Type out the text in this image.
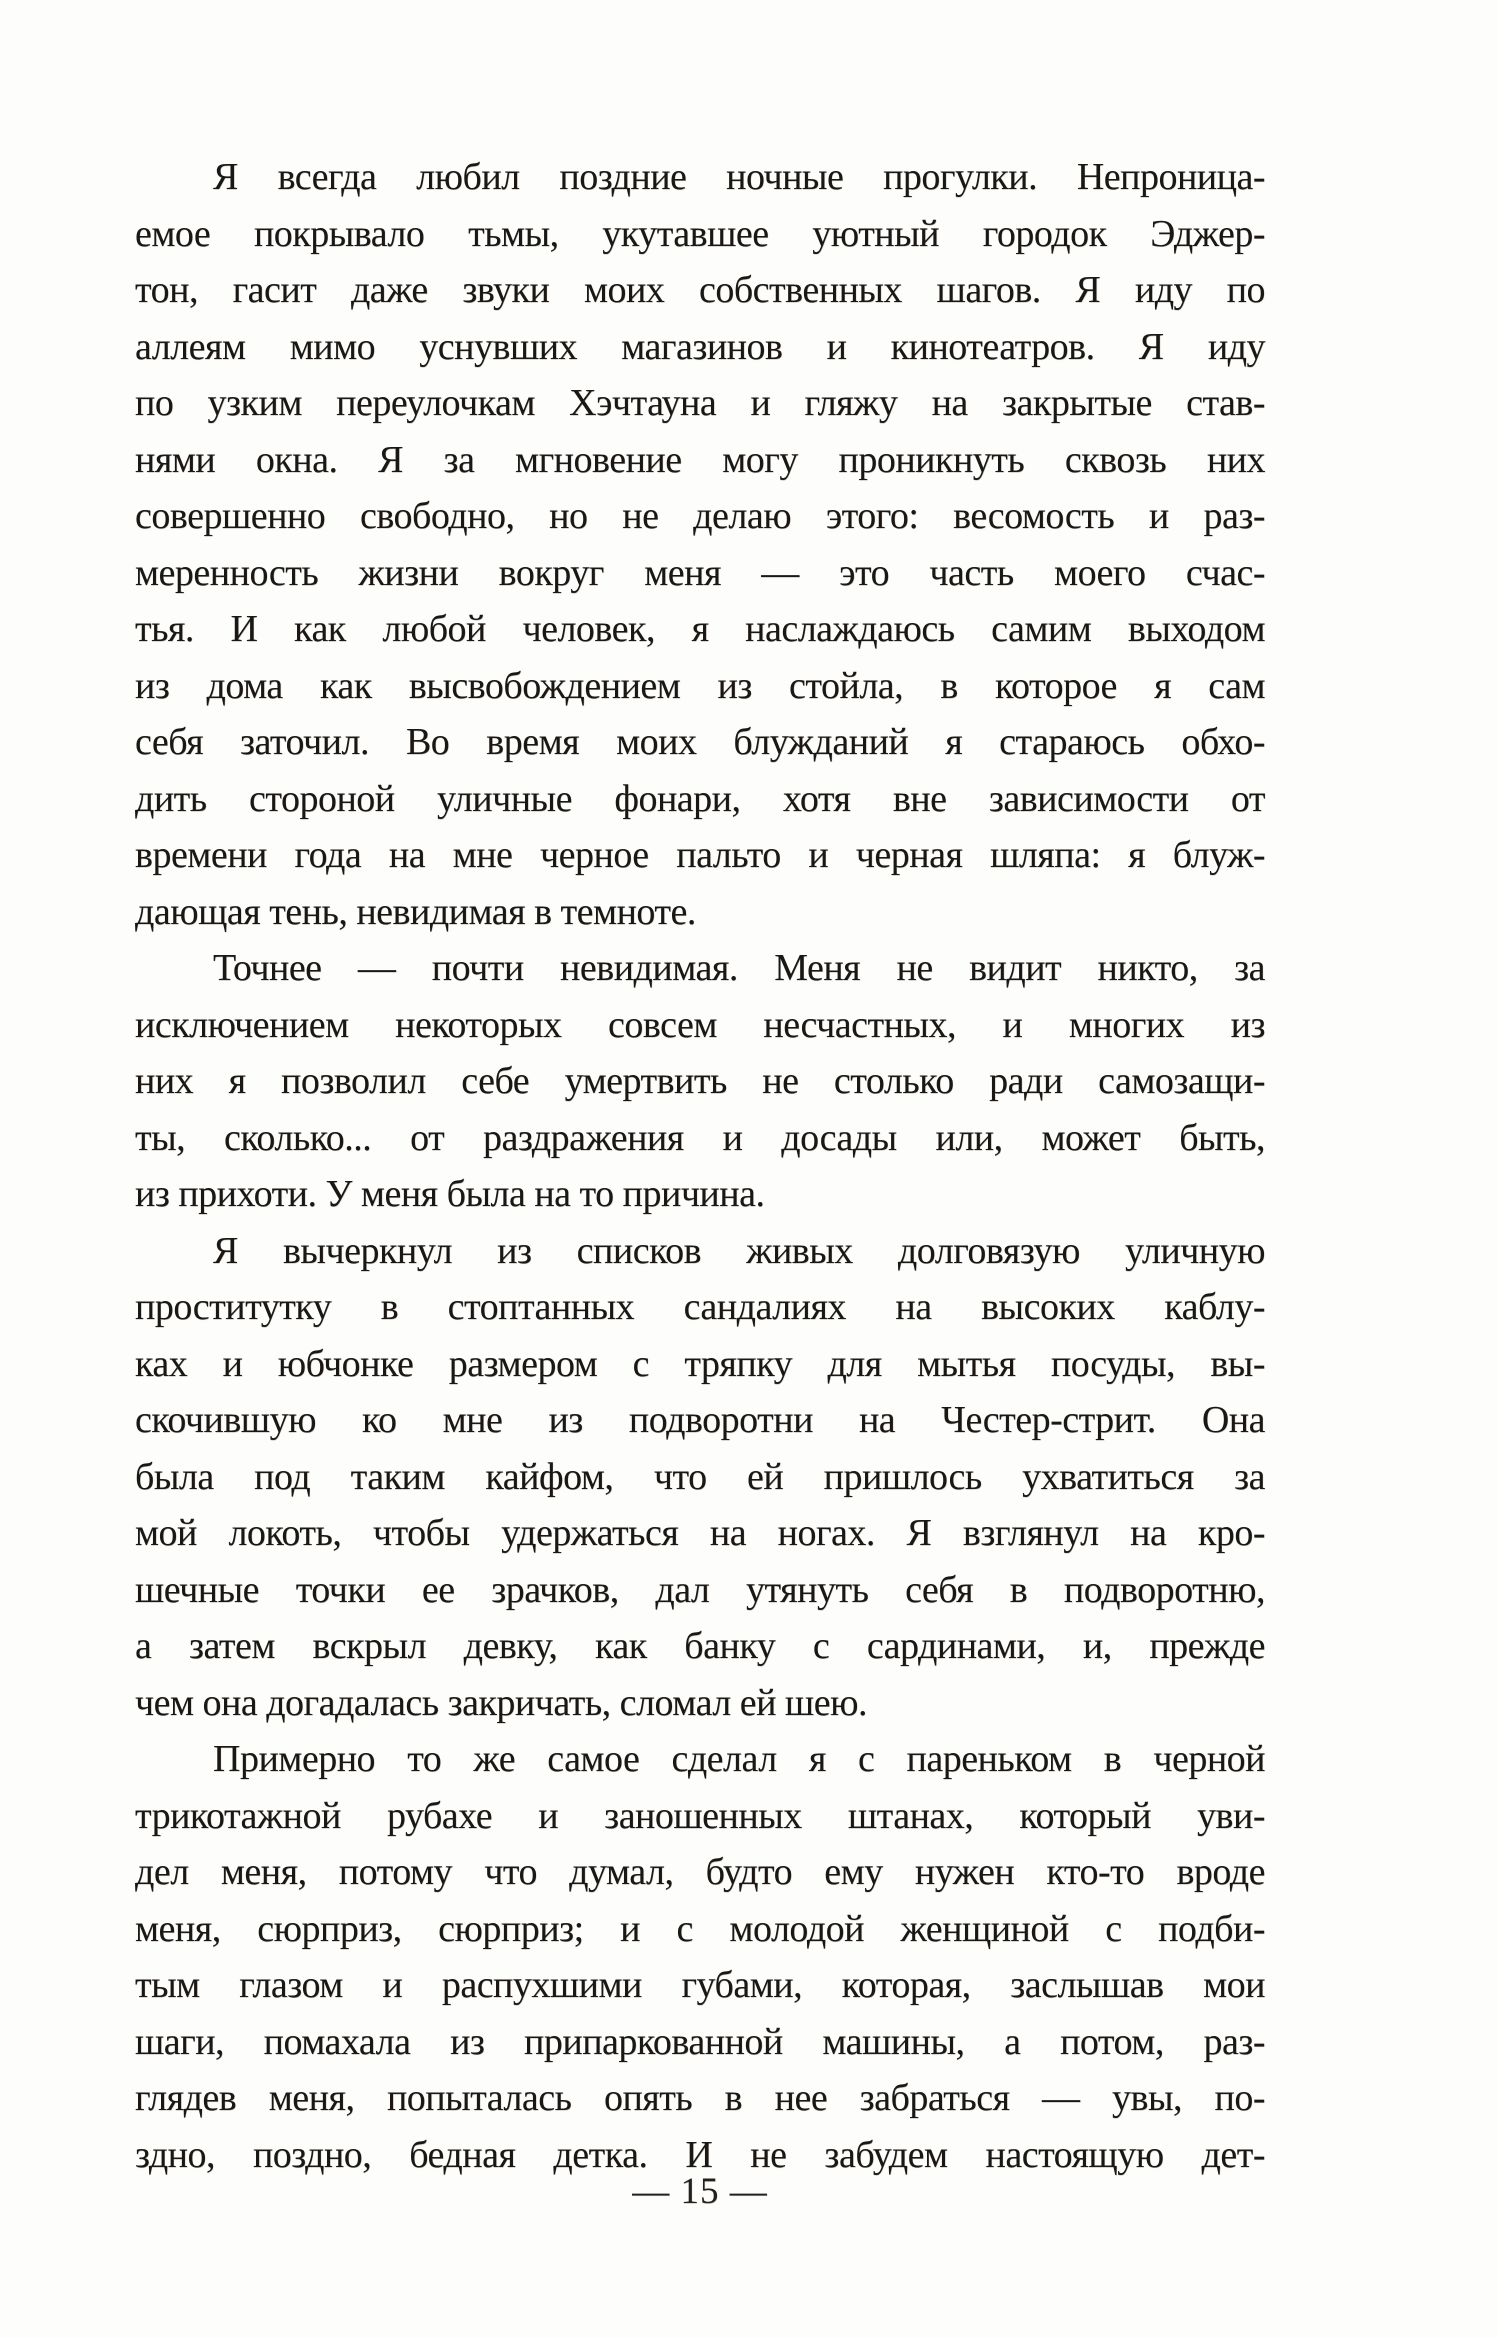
Я всегда любил поздние ночные прогулки. Непроница-
емое покрывало тьмы, укутавшее уютный городок Эджер-
тон, гасит даже звуки моих собственных шагов. Я иду по
аллеям мимо уснувших магазинов и кинотеатров. Я иду
по узким переулочкам Хэчтауна и гляжу на закрытые став-
нями окна. Я за мгновение могу проникнуть сквозь них
совершенно свободно, но не делаю этого: весомость и раз-
меренность жизни вокруг меня — это часть моего счас-
тья. И как любой человек, я наслаждаюсь самим выходом
из дома как высвобождением из стойла, в которое я сам
себя заточил. Во время моих блужданий я стараюсь обхо-
дить стороной уличные фонари, хотя вне зависимости от
времени года на мне черное пальто и черная шляпа: я блуж-
дающая тень, невидимая в темноте.
Точнее — почти невидимая. Меня не видит никто, за
исключением некоторых совсем несчастных, и многих из
них я позволил себе умертвить не столько ради самозащи-
ты, сколько... от раздражения и досады или, может быть,
из прихоти. У меня была на то причина.
Я вычеркнул из списков живых долговязую уличную
проститутку в стоптанных сандалиях на высоких каблу-
ках и юбчонке размером с тряпку для мытья посуды, вы-
скочившую ко мне из подворотни на Честер-стрит. Она
была под таким кайфом, что ей пришлось ухватиться за
мой локоть, чтобы удержаться на ногах. Я взглянул на кро-
шечные точки ее зрачков, дал утянуть себя в подворотню,
а затем вскрыл девку, как банку с сардинами, и, прежде
чем она догадалась закричать, сломал ей шею.
Примерно то же самое сделал я с пареньком в черной
трикотажной рубахе и заношенных штанах, который уви-
дел меня, потому что думал, будто ему нужен кто-то вроде
меня, сюрприз, сюрприз; и с молодой женщиной с подби-
тым глазом и распухшими губами, которая, заслышав мои
шаги, помахала из припаркованной машины, а потом, раз-
глядев меня, попыталась опять в нее забраться — увы, по-
здно, поздно, бедная детка. И не забудем настоящую дет-
— 15 —
